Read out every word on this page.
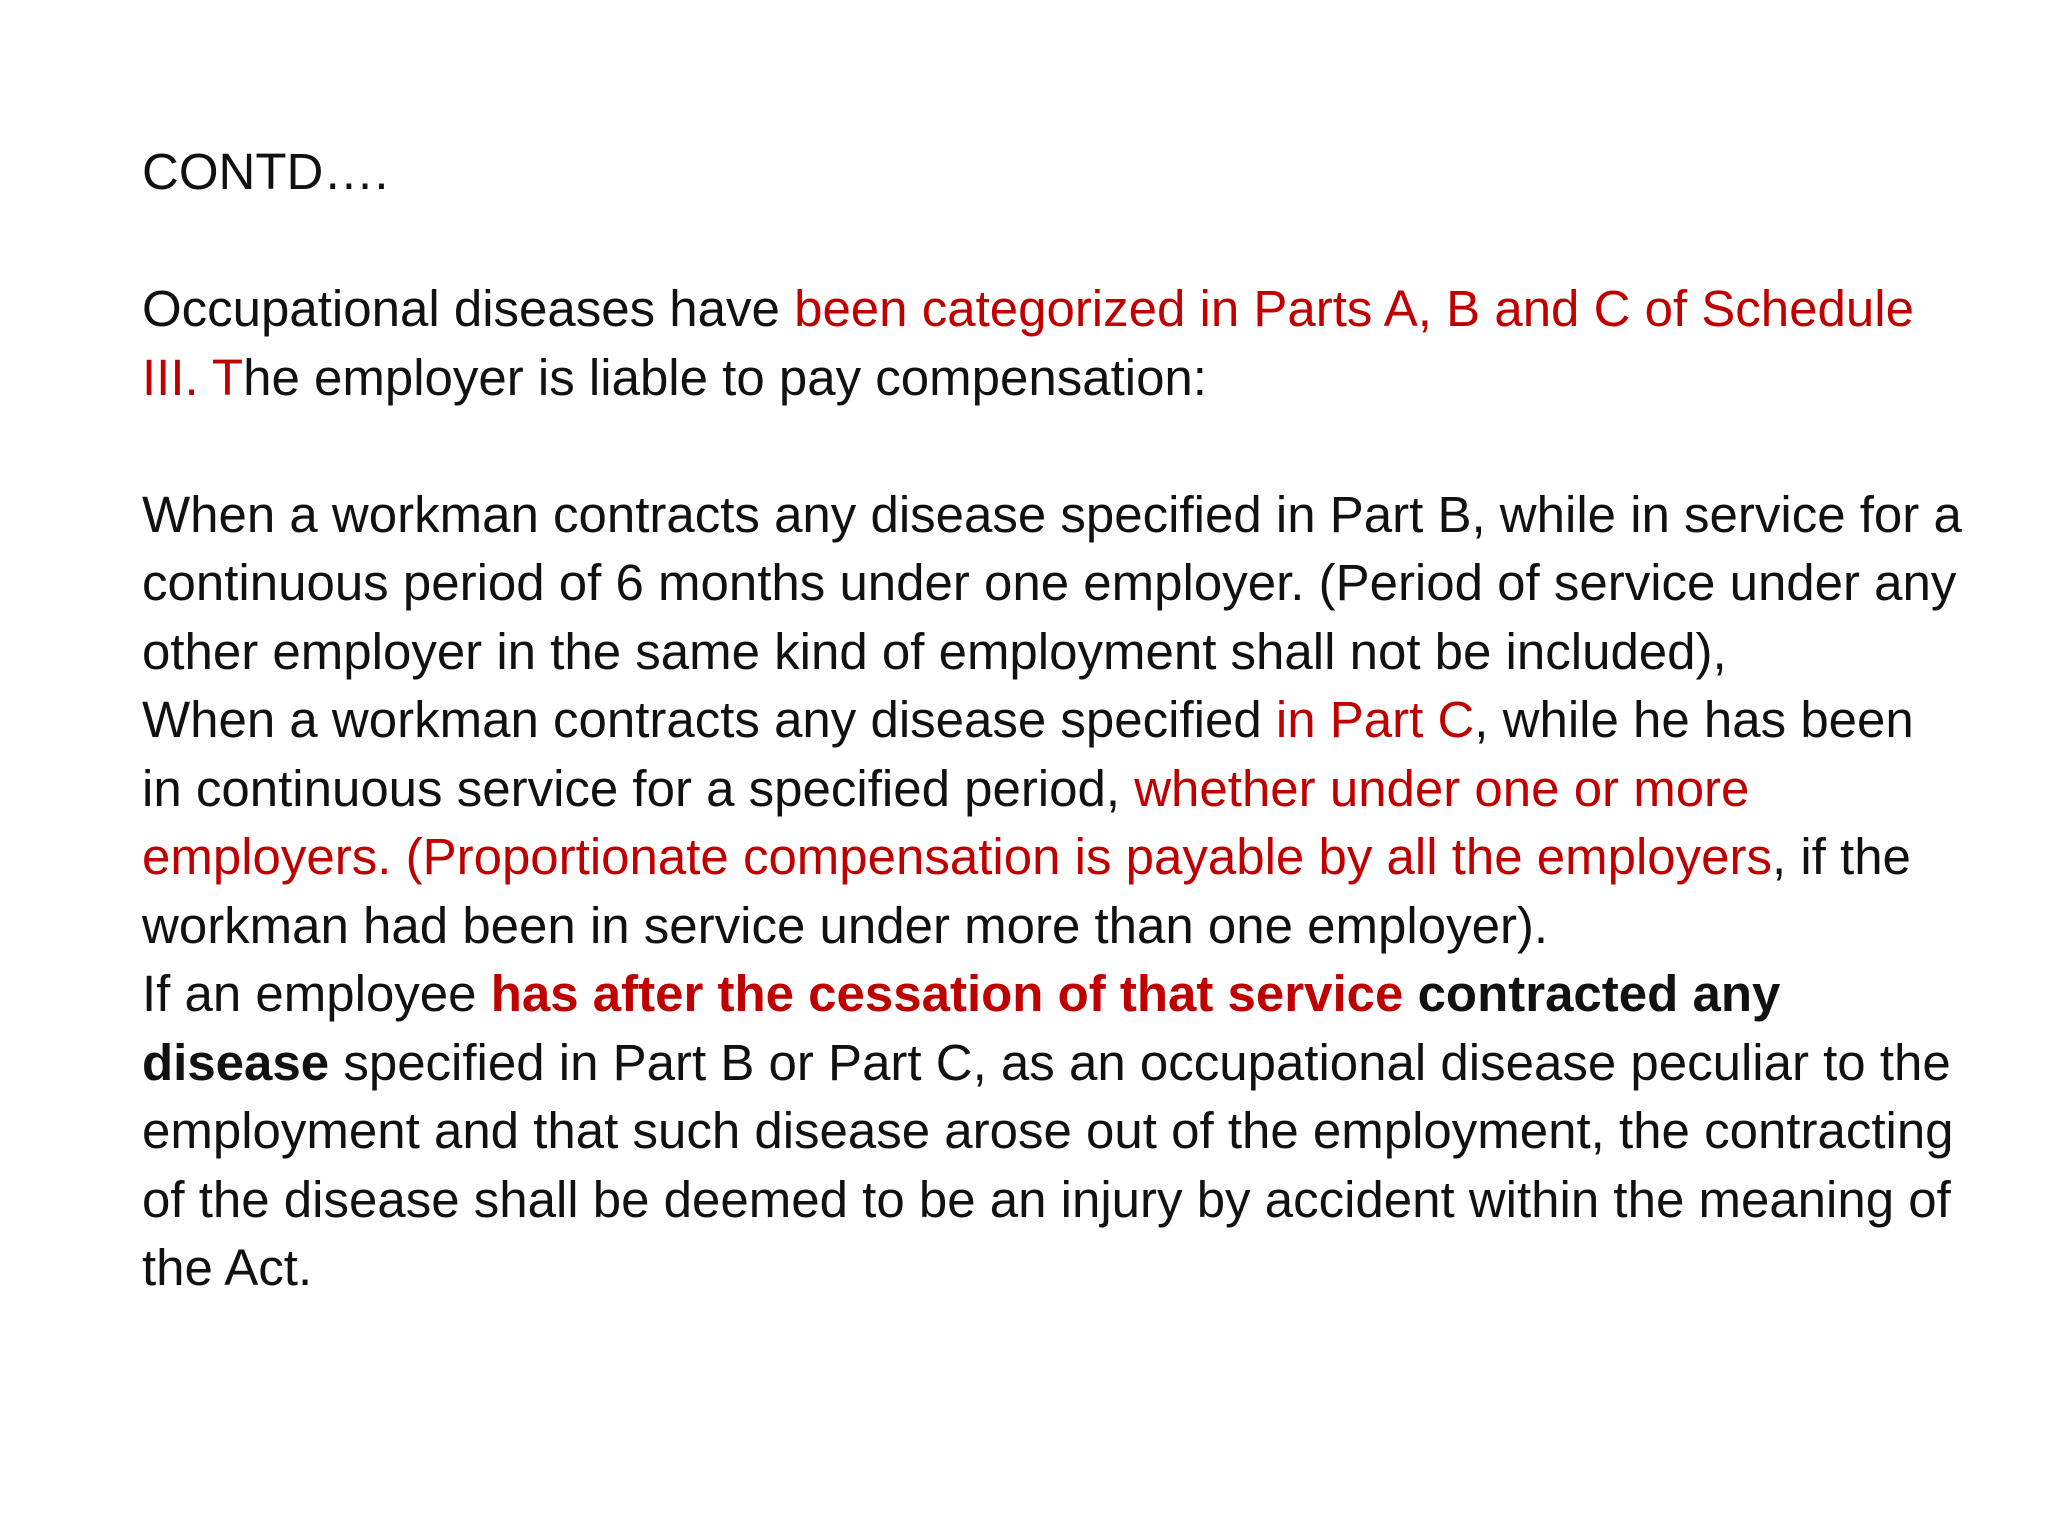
CONTD….

Occupational diseases have been categorized in Parts A, B and C of Schedule III. The employer is liable to pay compensation:

When a workman contracts any disease specified in Part B, while in service for a continuous period of 6 months under one employer. (Period of service under any other employer in the same kind of employment shall not be included),

When a workman contracts any disease specified in Part C, while he has been in continuous service for a specified period, whether under one or more employers. (Proportionate compensation is payable by all the employers, if the workman had been in service under more than one employer).

If an employee has after the cessation of that service contracted any disease specified in Part B or Part C, as an occupational disease peculiar to the employment and that such disease arose out of the employment, the contracting of the disease shall be deemed to be an injury by accident within the meaning of the Act.
